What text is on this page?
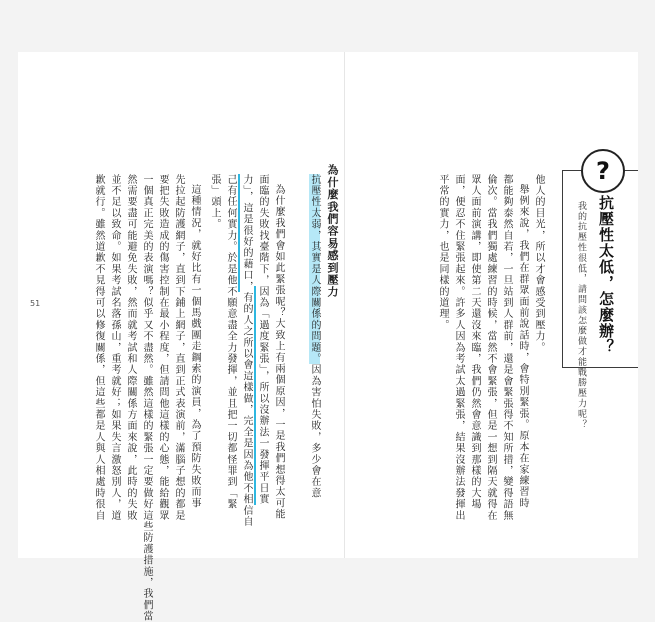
51
?
抗壓性太低，怎麼辦？
我的抗壓性很低，請問該怎麼做才能戰勝壓力呢？
他人的目光，所以才會感受到壓力。
舉例來說，我們在群眾面前說話時，會特別緊張。原本在家練習時
都能夠泰然自若，一旦站到人群前，還是會緊張得不知所措，變得語無
倫次。當我們獨處練習的時候，當然不會緊張，但是一想到隔天就得在
眾人面前演講，即使第二天還沒來臨，我們仍然會意識到那樣的大場
面，便忍不住緊張起來。許多人因為考試太過緊張，結果沒辦法發揮出
平常的實力，也是同樣的道理。
為什麼我們容易感到壓力
抗壓性太弱，其實是人際關係的問題。因為害怕失敗，多少會在意
為什麼我們會如此緊張呢？大致上有兩個原因，一是我們想得太可能
面臨的失敗找臺階下，因為「過度緊張」，所以沒辦法一發揮平日實
力」，這是很好的藉口，有的人之所以會這樣做，完全是因為他不相信自
己有任何實力。於是他不願意盡全力發揮，並且把一切都怪罪到「緊
張」頭上。
這種情況，就好比有一個馬戲團走鋼索的演員，為了預防失敗而事
先拉起防護網子，直到下鋪上網子，直到正式表演前，滿腦子想的都是
要把失敗造成的傷害控制在最小程度，但請問他這樣的心態，能給觀眾
一個真正完美的表演嗎？似乎又不盡然。雖然這樣的緊張一定要做好這些防護措施，我們當
然需要盡可能避免失敗，然而就考試和人際關係方面來說，此時的失敗
並不足以致命。如果考試名落孫山，重考就好；如果失言激怒別人，道
歉就行。雖然道歉不見得可以修復關係，但這些都是人與人相處時很自
